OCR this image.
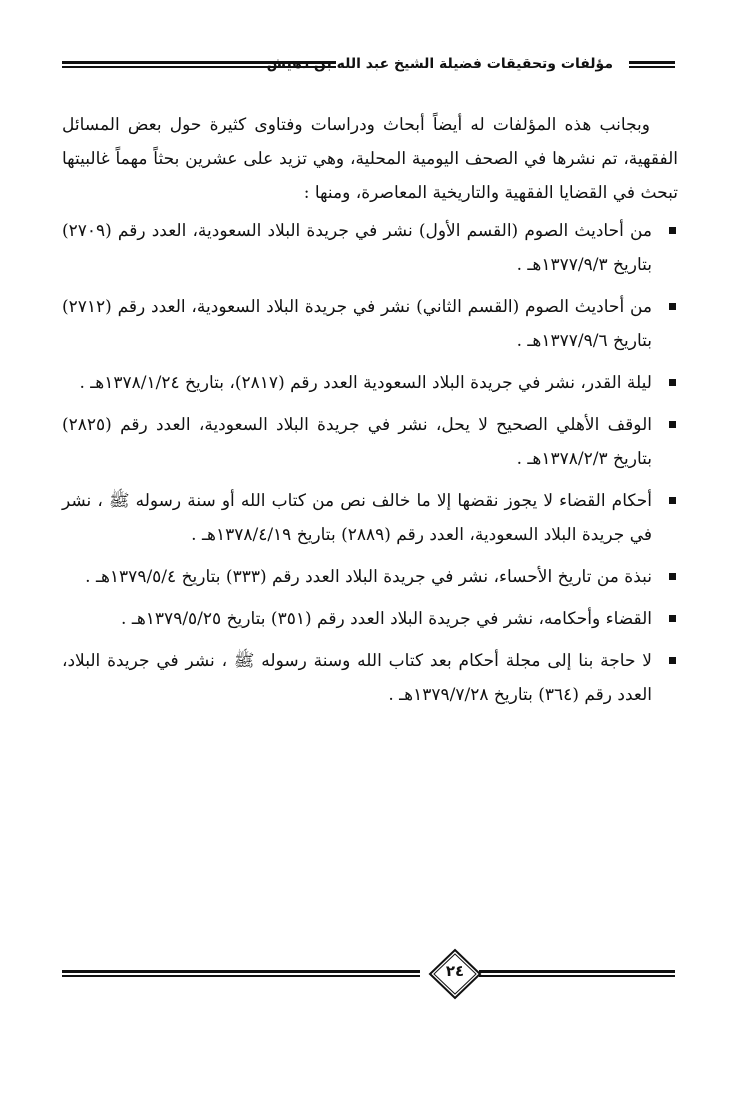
مؤلفات وتحقيقات فضيلة الشيخ عبد الله بن دهيش

وبجانب هذه المؤلفات له أيضاً أبحاث ودراسات وفتاوى كثيرة حول بعض المسائل الفقهية، تم نشرها في الصحف اليومية المحلية، وهي تزيد على عشرين بحثاً مهماً غالبيتها تبحث في القضايا الفقهية والتاريخية المعاصرة، ومنها :

من أحاديث الصوم (القسم الأول) نشر في جريدة البلاد السعودية، العدد رقم (٢٧٠٩) بتاريخ ١٣٧٧/٩/٣هـ .
من أحاديث الصوم (القسم الثاني) نشر في جريدة البلاد السعودية، العدد رقم (٢٧١٢) بتاريخ ١٣٧٧/٩/٦هـ .
ليلة القدر، نشر في جريدة البلاد السعودية العدد رقم (٢٨١٧)، بتاريخ ١٣٧٨/١/٢٤هـ .
الوقف الأهلي الصحيح لا يحل، نشر في جريدة البلاد السعودية، العدد رقم (٢٨٢٥) بتاريخ ١٣٧٨/٢/٣هـ .
أحكام القضاء لا يجوز نقضها إلا ما خالف نص من كتاب الله أو سنة رسوله ﷺ ، نشر في جريدة البلاد السعودية، العدد رقم (٢٨٨٩) بتاريخ ١٣٧٨/٤/١٩هـ .
نبذة من تاريخ الأحساء، نشر في جريدة البلاد العدد رقم (٣٣٣) بتاريخ ١٣٧٩/٥/٤هـ .
القضاء وأحكامه، نشر في جريدة البلاد العدد رقم (٣٥١) بتاريخ ١٣٧٩/٥/٢٥هـ .
لا حاجة بنا إلى مجلة أحكام بعد كتاب الله وسنة رسوله ﷺ ، نشر في جريدة البلاد، العدد رقم (٣٦٤) بتاريخ ١٣٧٩/٧/٢٨هـ .
٢٤
